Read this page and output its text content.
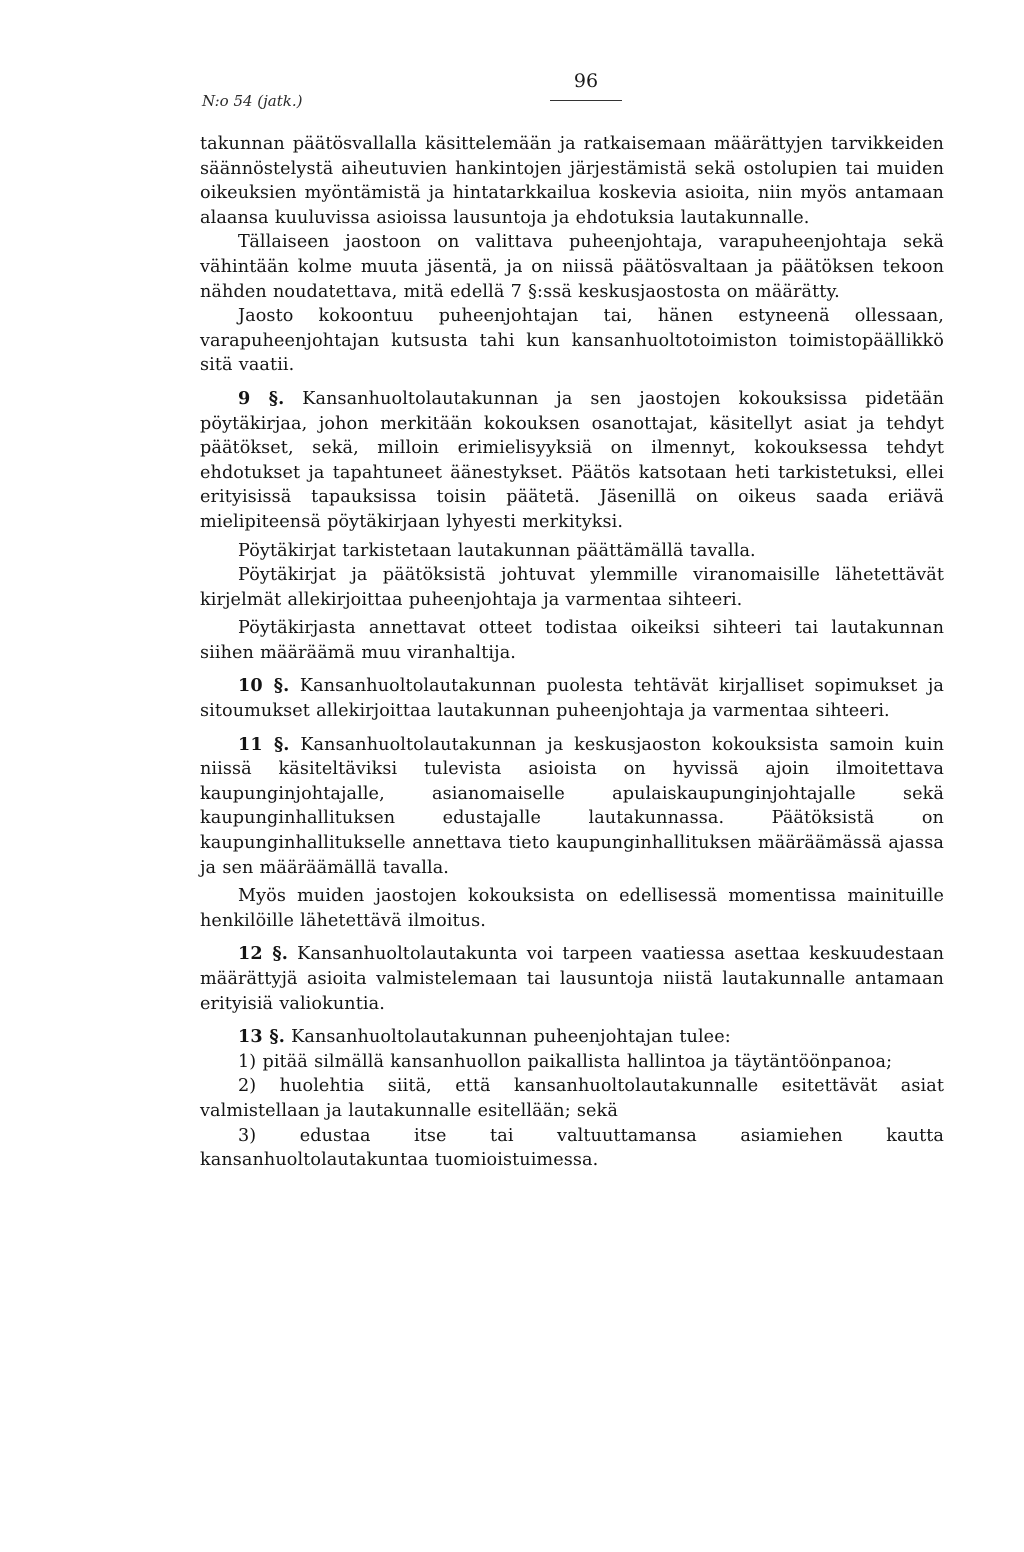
N:o 54 (jatk.)
96

takunnan päätösvallalla käsittelemään ja ratkaisemaan määrättyjen tarvikkeiden säännöstelystä aiheutuvien hankintojen järjestämistä sekä ostolupien tai muiden oikeuksien myöntämistä ja hintatarkkailua koskevia asioita, niin myös antamaan alaansa kuuluvissa asioissa lausuntoja ja ehdotuksia lautakunnalle.

Tällaiseen jaostoon on valittava puheenjohtaja, varapuheenjohtaja sekä vähintään kolme muuta jäsentä, ja on niissä päätösvaltaan ja päätöksen tekoon nähden noudatettava, mitä edellä 7 §:ssä keskusjaostosta on määrätty.

Jaosto kokoontuu puheenjohtajan tai, hänen estyneenä ollessaan, varapuheenjohtajan kutsusta tahi kun kansanhuoltotoimiston toimistopäällikkö sitä vaatii.

9 §. Kansanhuoltolautakunnan ja sen jaostojen kokouksissa pidetään pöytäkirjaa, johon merkitään kokouksen osanottajat, käsitellyt asiat ja tehdyt päätökset, sekä, milloin erimielisyyksiä on ilmennyt, kokouksessa tehdyt ehdotukset ja tapahtuneet äänestykset. Päätös katsotaan heti tarkistetuksi, ellei erityisissä tapauksissa toisin päätetä. Jäsenillä on oikeus saada eriävä mielipiteensä pöytäkirjaan lyhyesti merkityksi.

Pöytäkirjat tarkistetaan lautakunnan päättämällä tavalla.

Pöytäkirjat ja päätöksistä johtuvat ylemmille viranomaisille lähetettävät kirjelmät allekirjoittaa puheenjohtaja ja varmentaa sihteeri.

Pöytäkirjasta annettavat otteet todistaa oikeiksi sihteeri tai lautakunnan siihen määräämä muu viranhaltija.

10 §. Kansanhuoltolautakunnan puolesta tehtävät kirjalliset sopimukset ja sitoumukset allekirjoittaa lautakunnan puheenjohtaja ja varmentaa sihteeri.

11 §. Kansanhuoltolautakunnan ja keskusjaoston kokouksista samoin kuin niissä käsiteltäviksi tulevista asioista on hyvissä ajoin ilmoitettava kaupunginjohtajalle, asianomaiselle apulaiskaupunginjohtajalle sekä kaupunginhallituksen edustajalle lautakunnassa. Päätöksistä on kaupunginhallitukselle annettava tieto kaupunginhallituksen määräämässä ajassa ja sen määräämällä tavalla.

Myös muiden jaostojen kokouksista on edellisessä momentissa mainituille henkilöille lähetettävä ilmoitus.

12 §. Kansanhuoltolautakunta voi tarpeen vaatiessa asettaa keskuudestaan määrättyjä asioita valmistelemaan tai lausuntoja niistä lautakunnalle antamaan erityisiä valiokuntia.

13 §. Kansanhuoltolautakunnan puheenjohtajan tulee:

1) pitää silmällä kansanhuollon paikallista hallintoa ja täytäntöönpanoa;

2) huolehtia siitä, että kansanhuoltolautakunnalle esitettävät asiat valmistellaan ja lautakunnalle esitellään; sekä

3) edustaa itse tai valtuuttamansa asiamiehen kautta kansanhuoltolautakuntaa tuomioistuimessa.
